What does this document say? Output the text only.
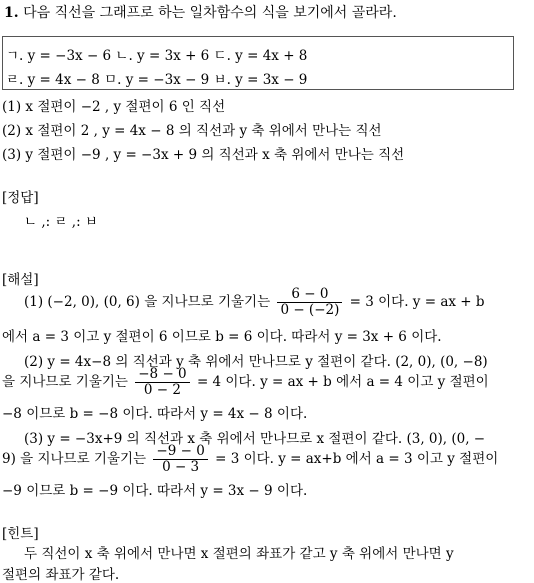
1. 다음 직선을 그래프로 하는 일차함수의 식을 보기에서 골라라.
ㄱ. y = −3x − 6 ㄴ. y = 3x + 6 ㄷ. y = 4x + 8
ㄹ. y = 4x − 8 ㅁ. y = −3x − 9 ㅂ. y = 3x − 9
(1) x 절편이 −2 , y 절편이 6 인 직선
(2) x 절편이 2 , y = 4x − 8 의 직선과 y 축 위에서 만나는 직선
(3) y 절편이 −9 , y = −3x + 9 의 직선과 x 축 위에서 만나는 직선
[정답]
ㄴ ,: ㄹ ,: ㅂ
[해설]
(1) (−2, 0), (0, 6) 을 지나므로 기울기는 $\frac{6 - 0}{0 - (-2)} = 3$ 이다. y = ax + b
에서 a = 3 이고 y 절편이 6 이므로 b = 6 이다. 따라서 y = 3x + 6 이다.
(2) y = 4x−8 의 직선과 y 축 위에서 만나므로 y 절편이 같다. (2, 0), (0, −8)
을 지나므로 기울기는 $\frac{-8 - 0}{0 - 2} = 4$ 이다. y = ax + b 에서 a = 4 이고 y 절편이
−8 이므로 b = −8 이다. 따라서 y = 4x − 8 이다.
(3) y = −3x+9 의 직선과 x 축 위에서 만나므로 x 절편이 같다. (3, 0), (0, −
9) 을 지나므로 기울기는 $\frac{-9 - 0}{0 - 3} = 3$ 이다. y = ax+b 에서 a = 3 이고 y 절편이
−9 이므로 b = −9 이다. 따라서 y = 3x − 9 이다.
[힌트]
두 직선이 x 축 위에서 만나면 x 절편의 좌표가 같고 y 축 위에서 만나면 y
절편의 좌표가 같다.
